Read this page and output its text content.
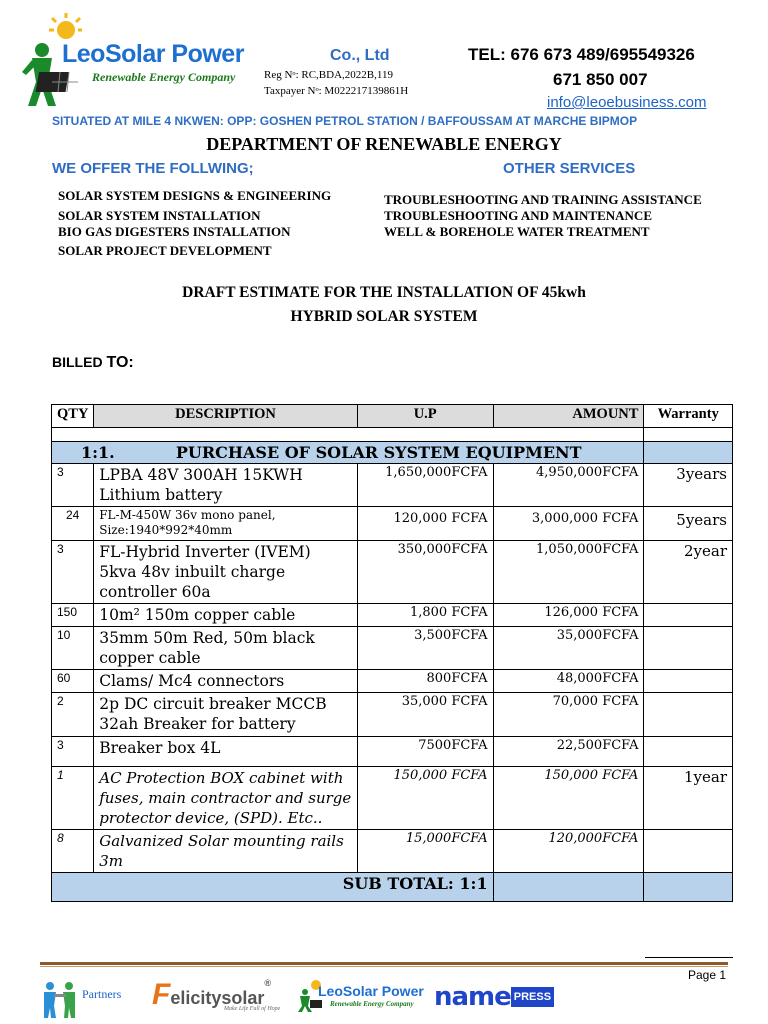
LeoSolar Power
Renewable Energy Company
Co., Ltd
Reg Nᵒ: RC,BDA,2022B,119
Taxpayer Nᵒ: M022217139861H
TEL: 676 673 489/695549326
671 850 007
info@leoebusiness.com
SITUATED AT MILE 4 NKWEN: OPP: GOSHEN PETROL STATION / BAFFOUSSAM AT MARCHE BIPMOP
DEPARTMENT OF RENEWABLE ENERGY
WE OFFER THE FOLLWING;	OTHER SERVICES
SOLAR SYSTEM DESIGNS & ENGINEERING
SOLAR SYSTEM INSTALLATION
BIO GAS DIGESTERS INSTALLATION
SOLAR PROJECT DEVELOPMENT
TROUBLESHOOTING AND TRAINING ASSISTANCE
TROUBLESHOOTING AND MAINTENANCE
WELL & BOREHOLE WATER TREATMENT
DRAFT ESTIMATE FOR THE INSTALLATION OF 45kwh
HYBRID SOLAR SYSTEM
BILLED TO:
QTY	DESCRIPTION	U.P	AMOUNT	Warranty

1:1. PURCHASE OF SOLAR SYSTEM EQUIPMENT				
3	LPBA 48V 300AH 15KWH Lithium battery	1,650,000FCFA	4,950,000FCFA	3years
24	FL-M-450W 36v mono panel, Size:1940*992*40mm	120,000 FCFA	3,000,000 FCFA	5years
3	FL-Hybrid Inverter (IVEM) 5kva 48v inbuilt charge controller 60a	350,000FCFA	1,050,000FCFA	2year
150	10m² 150m copper cable	1,800 FCFA	126,000 FCFA	
10	35mm 50m Red, 50m black copper cable	3,500FCFA	35,000FCFA	
60	Clams/ Mc4 connectors	800FCFA	48,000FCFA	
2	2p DC circuit breaker MCCB 32ah Breaker for battery	35,000 FCFA	70,000 FCFA	
3	Breaker box 4L	7500FCFA	22,500FCFA	
1	AC Protection BOX cabinet with fuses, main contractor and surge protector device, (SPD). Etc..	150,000 FCFA	150,000 FCFA	1year
8	Galvanized Solar mounting rails 3m	15,000FCFA	120,000FCFA	
SUB TOTAL: 1:1				
Page 1
Partners Felicitysolar®
Make Life Full of Hope
LeoSolar Power
Renewable Energy Company name PRESS
